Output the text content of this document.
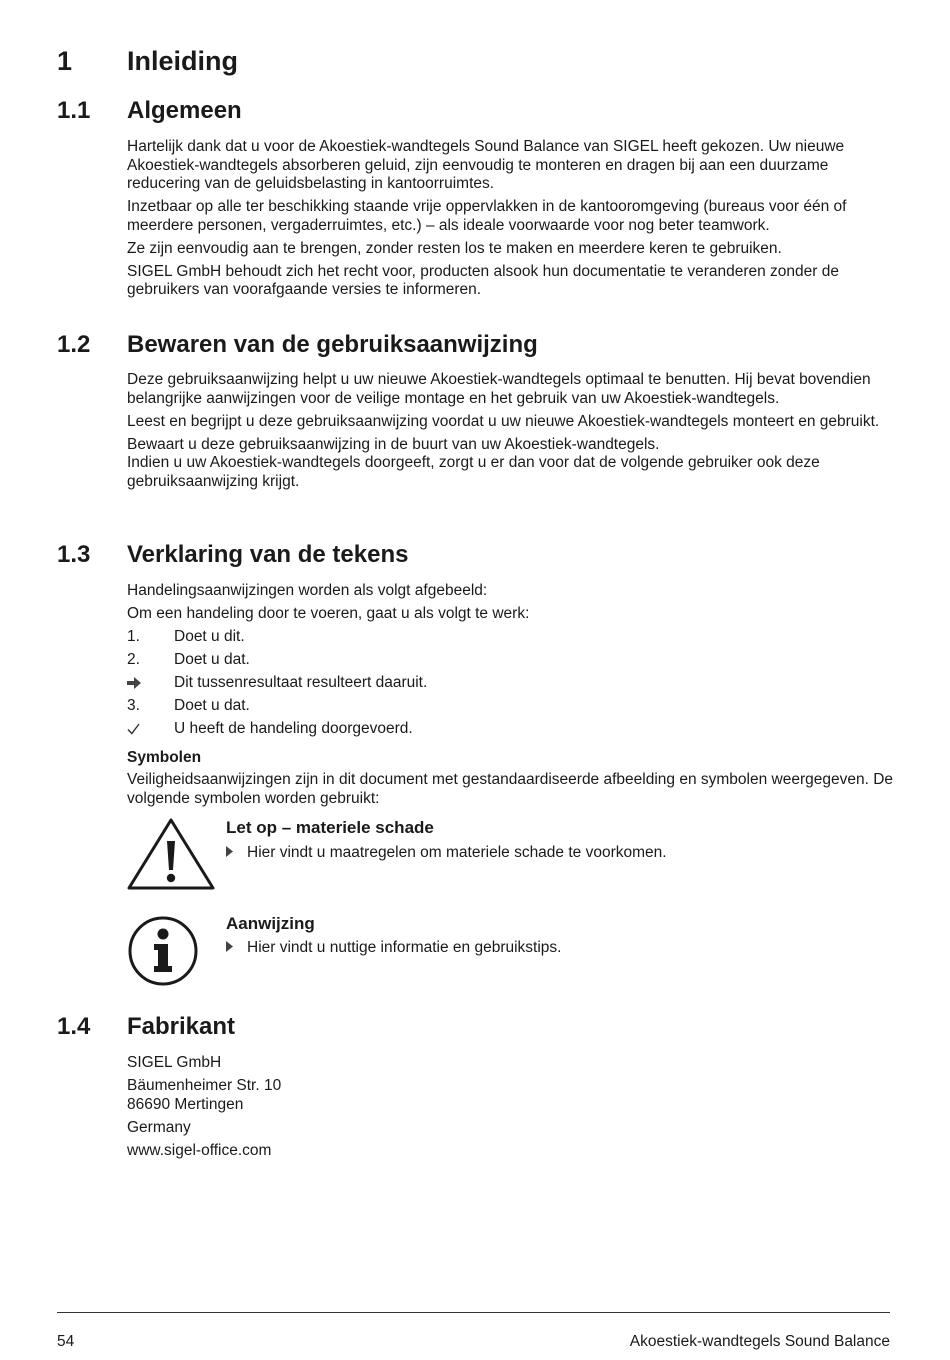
1 Inleiding
1.1 Algemeen

Hartelijk dank dat u voor de Akoestiek-wandtegels Sound Balance van SIGEL heeft gekozen. Uw nieuwe Akoestiek-wandtegels absorberen geluid, zijn eenvoudig te monteren en dragen bij aan een duurzame reducering van de geluidsbelasting in kantoorruimtes.

Inzetbaar op alle ter beschikking staande vrije oppervlakken in de kantooromgeving (bureaus voor één of meerdere personen, vergaderruimtes, etc.) – als ideale voorwaarde voor nog beter teamwork.

Ze zijn eenvoudig aan te brengen, zonder resten los te maken en meerdere keren te gebruiken.

SIGEL GmbH behoudt zich het recht voor, producten alsook hun documentatie te veranderen zonder de gebruikers van voorafgaande versies te informeren.

1.2 Bewaren van de gebruiksaanwijzing

Deze gebruiksaanwijzing helpt u uw nieuwe Akoestiek-wandtegels optimaal te benutten. Hij bevat bovendien belangrijke aanwijzingen voor de veilige montage en het gebruik van uw Akoestiek-wandtegels.

Leest en begrijpt u deze gebruiksaanwijzing voordat u uw nieuwe Akoestiek-wandtegels monteert en gebruikt.

Bewaart u deze gebruiksaanwijzing in de buurt van uw Akoestiek-wandtegels.

Indien u uw Akoestiek-wandtegels doorgeeft, zorgt u er dan voor dat de volgende gebruiker ook deze gebruiksaanwijzing krijgt.

1.3 Verklaring van de tekens

Handelingsaanwijzingen worden als volgt afgebeeld:

Om een handeling door te voeren, gaat u als volgt te werk:

1.	Doet u dit.
2.	Doet u dat.
Dit tussenresultaat resulteert daaruit.
3.	Doet u dat.
U heeft de handeling doorgevoerd.
Symbolen

Veiligheidsaanwijzingen zijn in dit document met gestandaardiseerde afbeelding en symbolen weergegeven. De volgende symbolen worden gebruikt:

Let op – materiele schade
Hier vindt u maatregelen om materiele schade te voorkomen.
Aanwijzing
Hier vindt u nuttige informatie en gebruikstips.
1.4 Fabrikant

SIGEL GmbH

Bäumenheimer Str. 10

86690 Mertingen

Germany

www.sigel-office.com

54	Akoestiek-wandtegels Sound Balance
